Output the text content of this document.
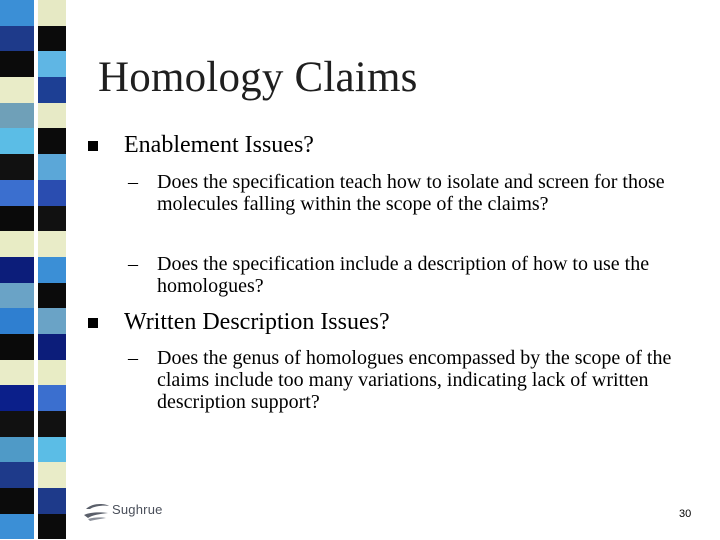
Homology Claims
Enablement Issues?
– Does the specification teach how to isolate and screen for those molecules falling within the scope of the claims?
– Does the specification include a description of how to use the homologues?
Written Description Issues?
– Does the genus of homologues encompassed by the scope of the claims include too many variations, indicating lack of written description support?
Sughrue	30
